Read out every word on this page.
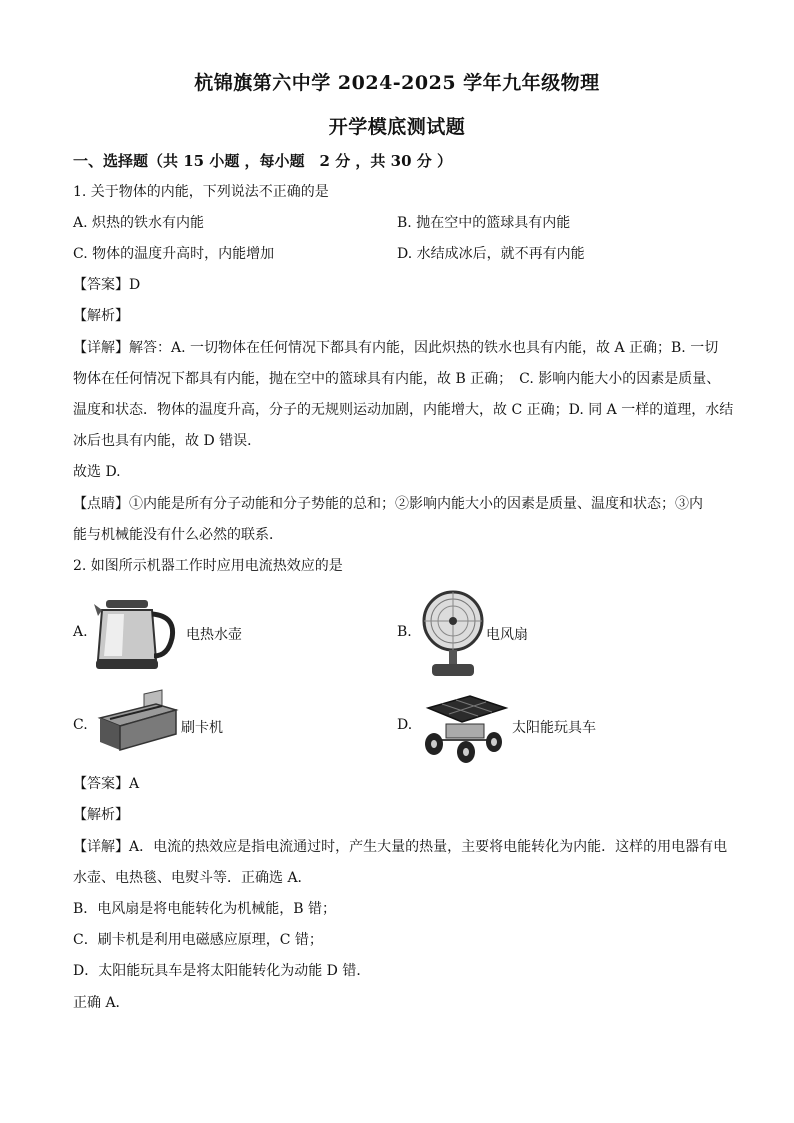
杭锦旗第六中学 2024-2025 学年九年级物理
开学模底测试题
一、选择题（共 15 小题 ，每小题　2 分 ，共 30 分 ）
1. 关于物体的内能，下列说法不正确的是
A. 炽热的铁水有内能	B. 抛在空中的篮球具有内能
C. 物体的温度升高时，内能增加	D. 水结成冰后，就不再有内能
【答案】D
【解析】
【详解】解答：A. 一切物体在任何情况下都具有内能，因此炽热的铁水也具有内能，故 A 正确；B. 一切
物体在任何情况下都具有内能，抛在空中的篮球具有内能，故 B 正确；　C. 影响内能大小的因素是质量、
温度和状态．物体的温度升高，分子的无规则运动加剧，内能增大，故 C 正确；D. 同 A 一样的道理，水结
冰后也具有内能，故 D 错误．
故选 D.
【点睛】①内能是所有分子动能和分子势能的总和；②影响内能大小的因素是质量、温度和状态；③内
能与机械能没有什么必然的联系．
2. 如图所示机器工作时应用电流热效应的是
A.	电热水壶	B.	电风扇
C.	刷卡机	D.	太阳能玩具车
【答案】A
【解析】
【详解】A．电流的热效应是指电流通过时，产生大量的热量，主要将电能转化为内能．这样的用电器有电
水壶、电热毯、电熨斗等．正确选 A．
B．电风扇是将电能转化为机械能，B 错；
C．刷卡机是利用电磁感应原理，C 错；
D．太阳能玩具车是将太阳能转化为动能 D 错．
正确 A．
